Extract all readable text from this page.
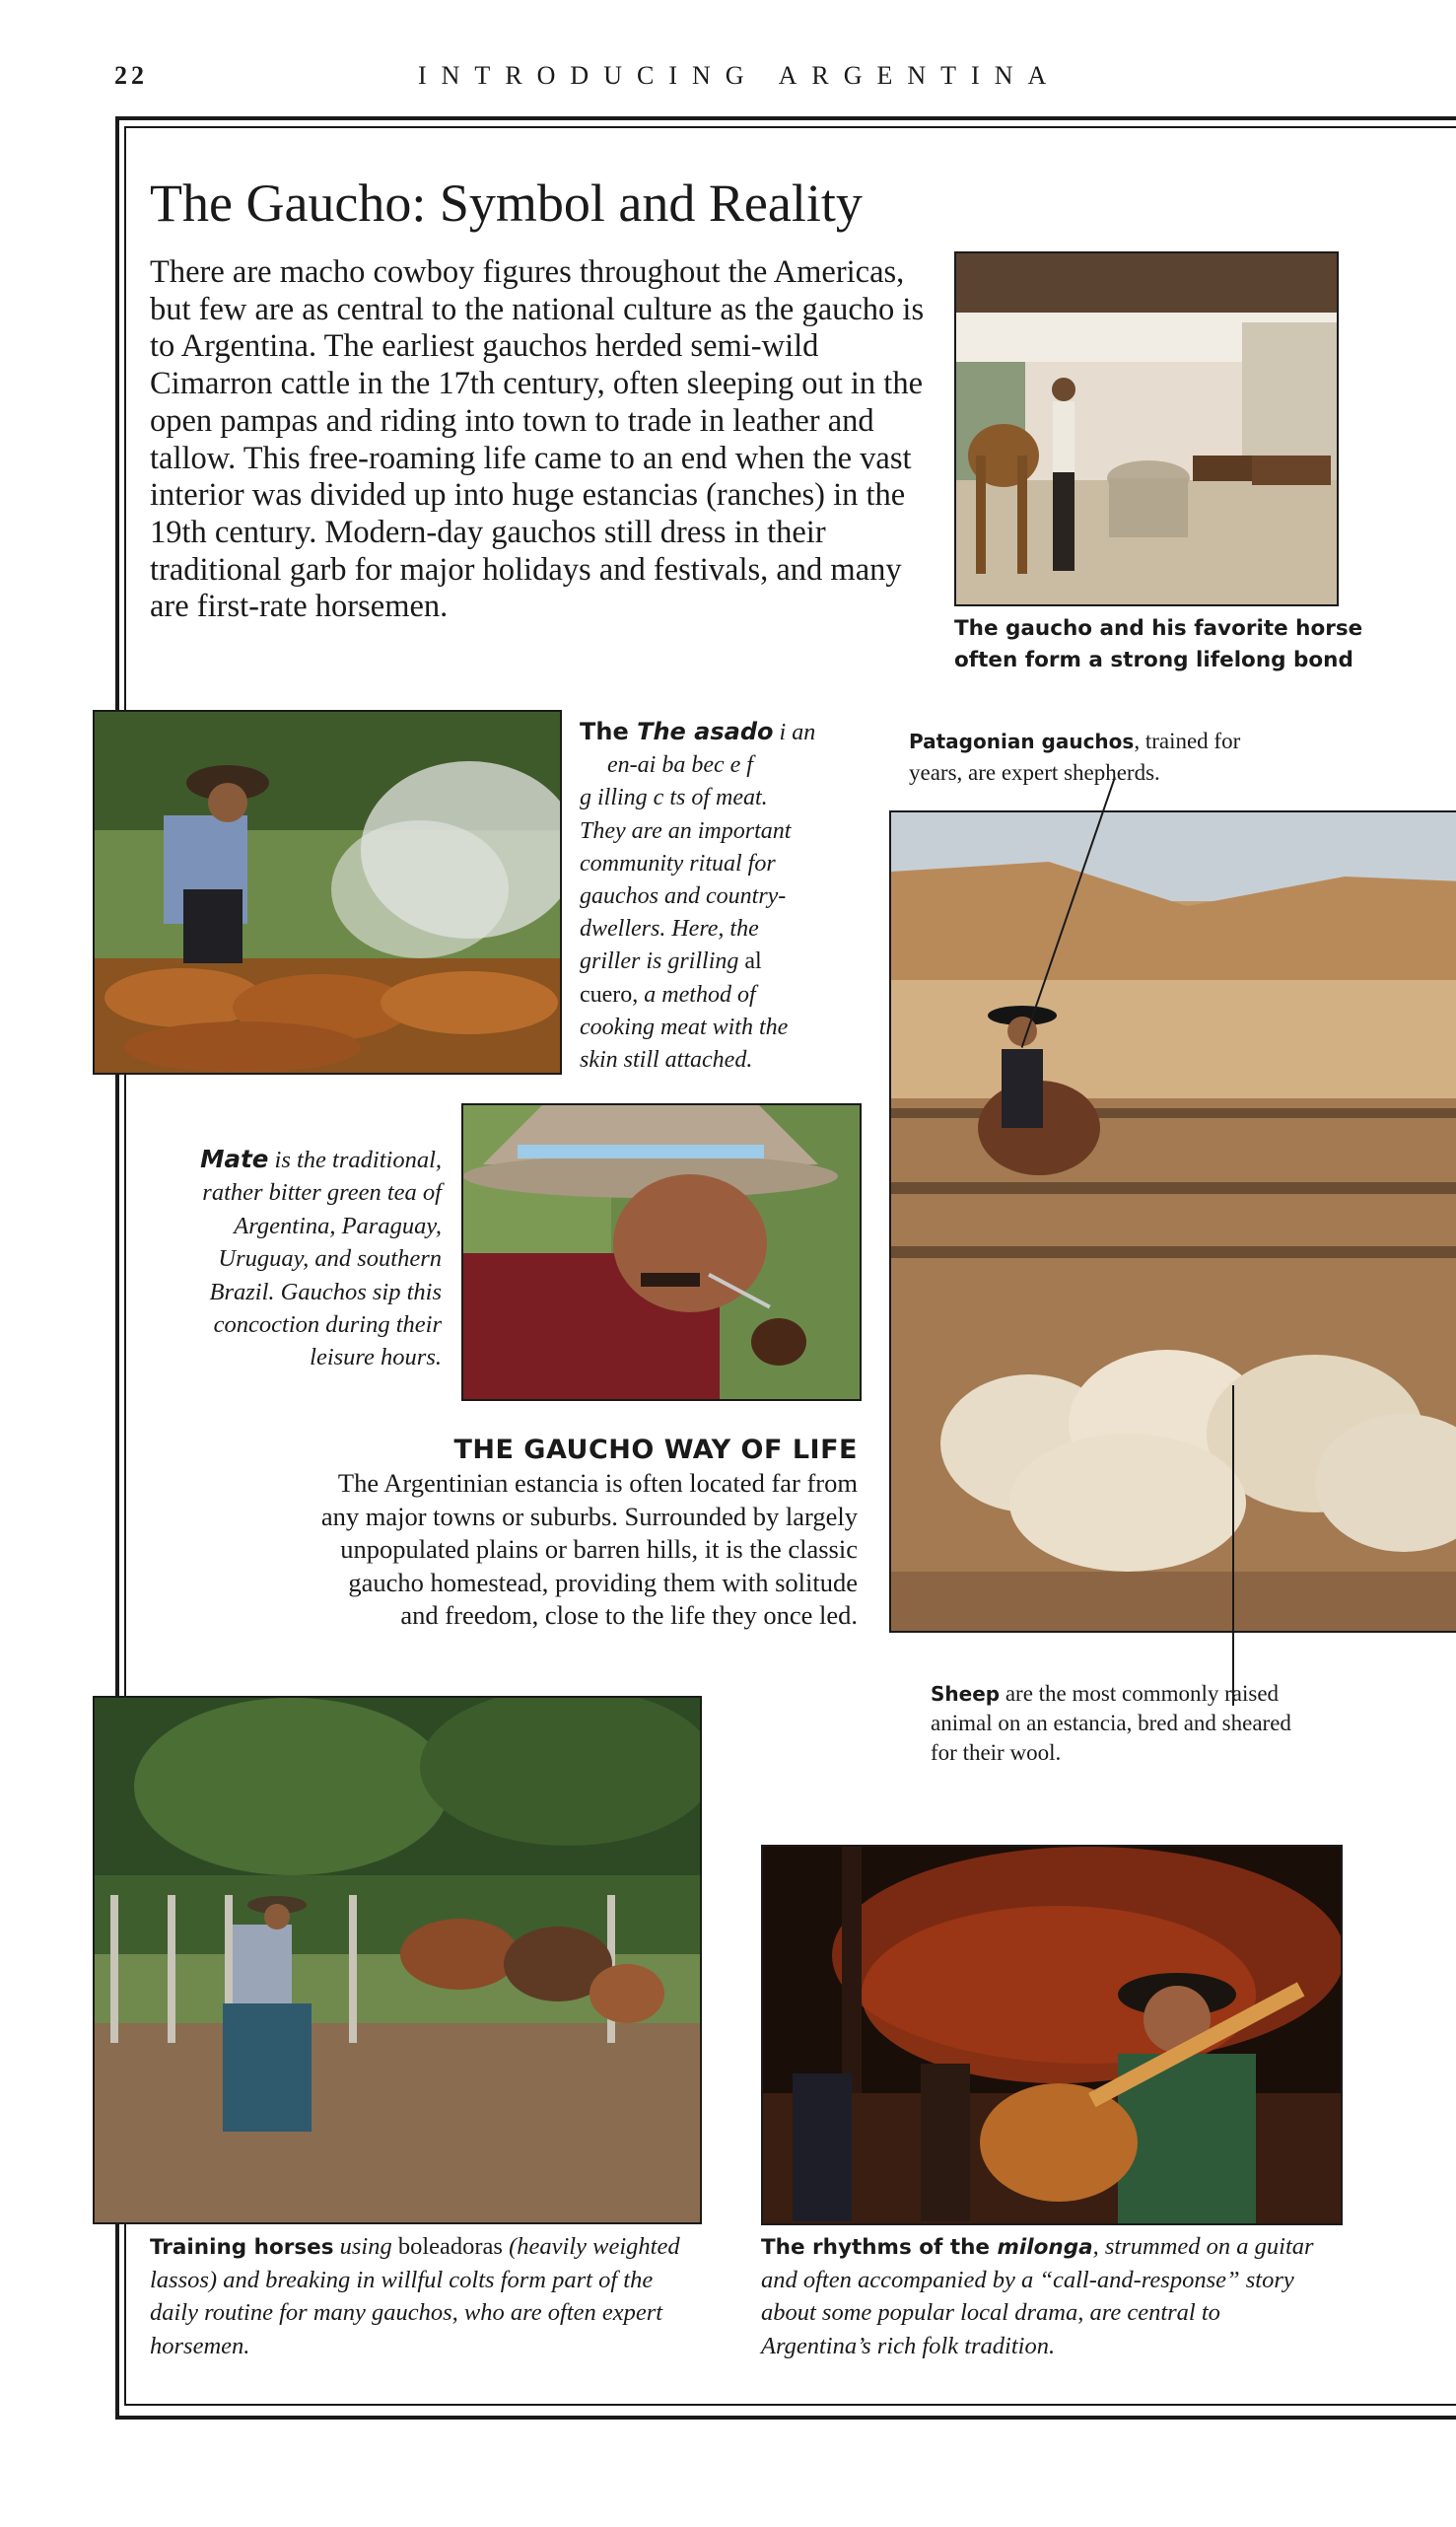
22	INTRODUCING ARGENTINA
The Gaucho: Symbol and Reality

There are macho cowboy figures throughout the Americas, but few are as central to the national culture as the gaucho is to Argentina. The earliest gauchos herded semi-wild Cimarron cattle in the 17th century, often sleeping out in the open pampas and riding into town to trade in leather and tallow. This free-roaming life came to an end when the vast interior was divided up into huge estancias (ranches) in the 19th century. Modern-day gauchos still dress in their traditional garb for major holidays and festivals, and many are first-rate horsemen.

The gaucho and his favorite horse often form a strong lifelong bond
The The asado i an
en-ai ba bec e f
g illing c ts of meat.
They are an important
community ritual for
gauchos and country-
dwellers. Here, the
griller is grilling al
cuero, a method of
cooking meat with the
skin still attached.
Patagonian gauchos, trained for years, are expert shepherds.
Mate is the traditional,
rather bitter green tea of
Argentina, Paraguay,
Uruguay, and southern
Brazil. Gauchos sip this
concoction during their
leisure hours.
THE GAUCHO WAY OF LIFE
The Argentinian estancia is often located far from
any major towns or suburbs. Surrounded by largely
unpopulated plains or barren hills, it is the classic
gaucho homestead, providing them with solitude
and freedom, close to the life they once led.
Sheep are the most commonly raised animal on an estancia, bred and sheared for their wool.
Training horses using boleadoras (heavily weighted lassos) and breaking in willful colts form part of the daily routine for many gauchos, who are often expert horsemen.
The rhythms of the milonga, strummed on a guitar and often accompanied by a “call-and-response” story about some popular local drama, are central to Argentina’s rich folk tradition.
